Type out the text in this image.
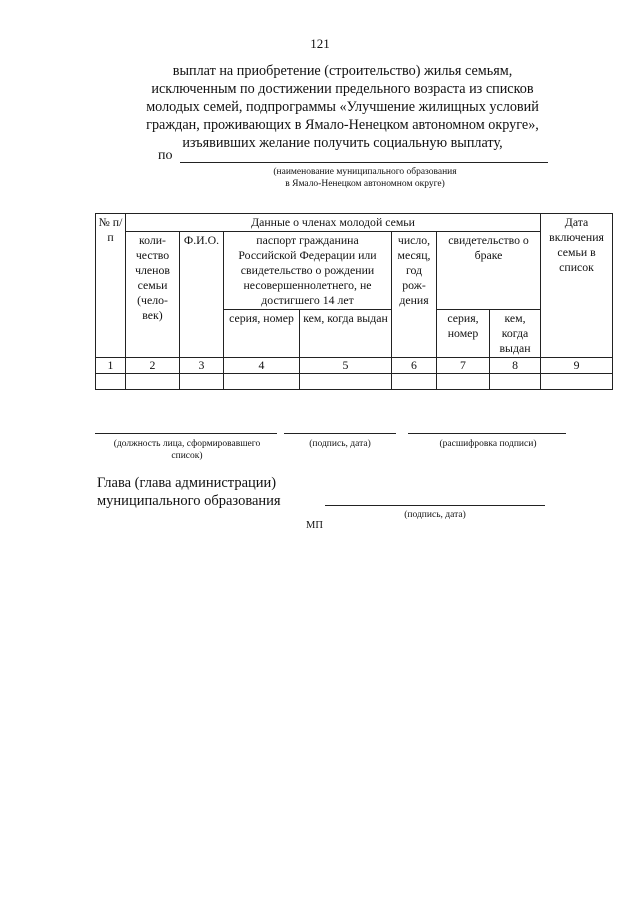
121
выплат на приобретение (строительство) жилья семьям,
исключенным по достижении предельного возраста из списков
молодых семей, подпрограммы «Улучшение жилищных условий
граждан, проживающих в Ямало-Ненецком автономном округе»,
изъявивших желание получить социальную выплату,
по
(наименование муниципального образования
в Ямало-Ненецком автономном округе)
№ п/п	Данные о членах молодой семьи							Дата включения семьи в список
	коли-чество членов семьи (чело-век)	Ф.И.О.	паспорт гражданина Российской Федерации или свидетельство о рождении несовершеннолетнего, не достигшего 14 лет		число, месяц, год рож-дения	свидетельство о браке		
			серия, номер	кем, когда выдан		серия, номер	кем, когда выдан	
1	2	3	4	5	6	7	8	9

(должность лица, сформировавшего список)
(подпись, дата)	(расшифровка подписи)
Глава (глава администрации)
муниципального образования
(подпись, дата)
МП
